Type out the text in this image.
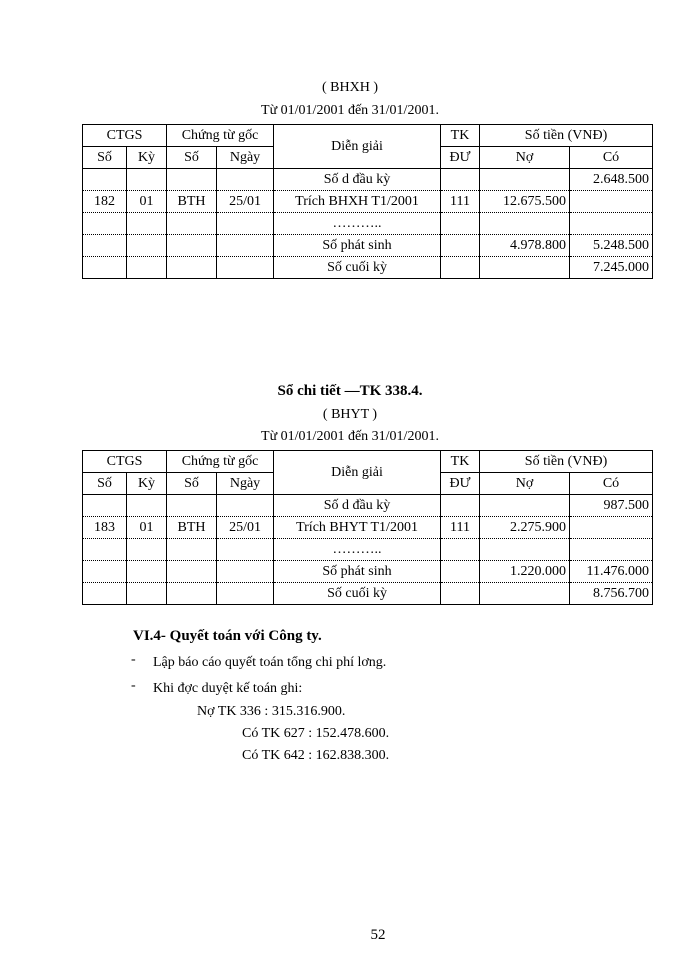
( BHXH )
Từ 01/01/2001 đến 31/01/2001.
CTGS		Chứng từ gốc		Diễn giải	TK	Số tiền (VNĐ)	
Số	Kỳ	Số	Ngày		ĐƯ	Nợ	Có
				Số d đầu kỳ			2.648.500
182	01	BTH	25/01	Trích BHXH T1/2001	111	12.675.500	
				………..			
				Số phát sinh		4.978.800	5.248.500
				Số cuối kỳ			7.245.000
Sổ chi tiết —TK 338.4.
( BHYT )
Từ 01/01/2001 đến 31/01/2001.
CTGS		Chứng từ gốc		Diễn giải	TK	Số tiền (VNĐ)	
Số	Kỳ	Số	Ngày		ĐƯ	Nợ	Có
				Số d đầu kỳ			987.500
183	01	BTH	25/01	Trích BHYT T1/2001	111	2.275.900	
				………..			
				Số phát sinh		1.220.000	11.476.000
				Số cuối kỳ			8.756.700
VI.4- Quyết toán với Công ty.
- Lập báo cáo quyết toán tổng chi phí lơng.
- Khi đợc duyệt kế toán ghi:
Nợ TK 336 : 315.316.900.
Có TK 627 : 152.478.600.
Có TK 642 : 162.838.300.
52
